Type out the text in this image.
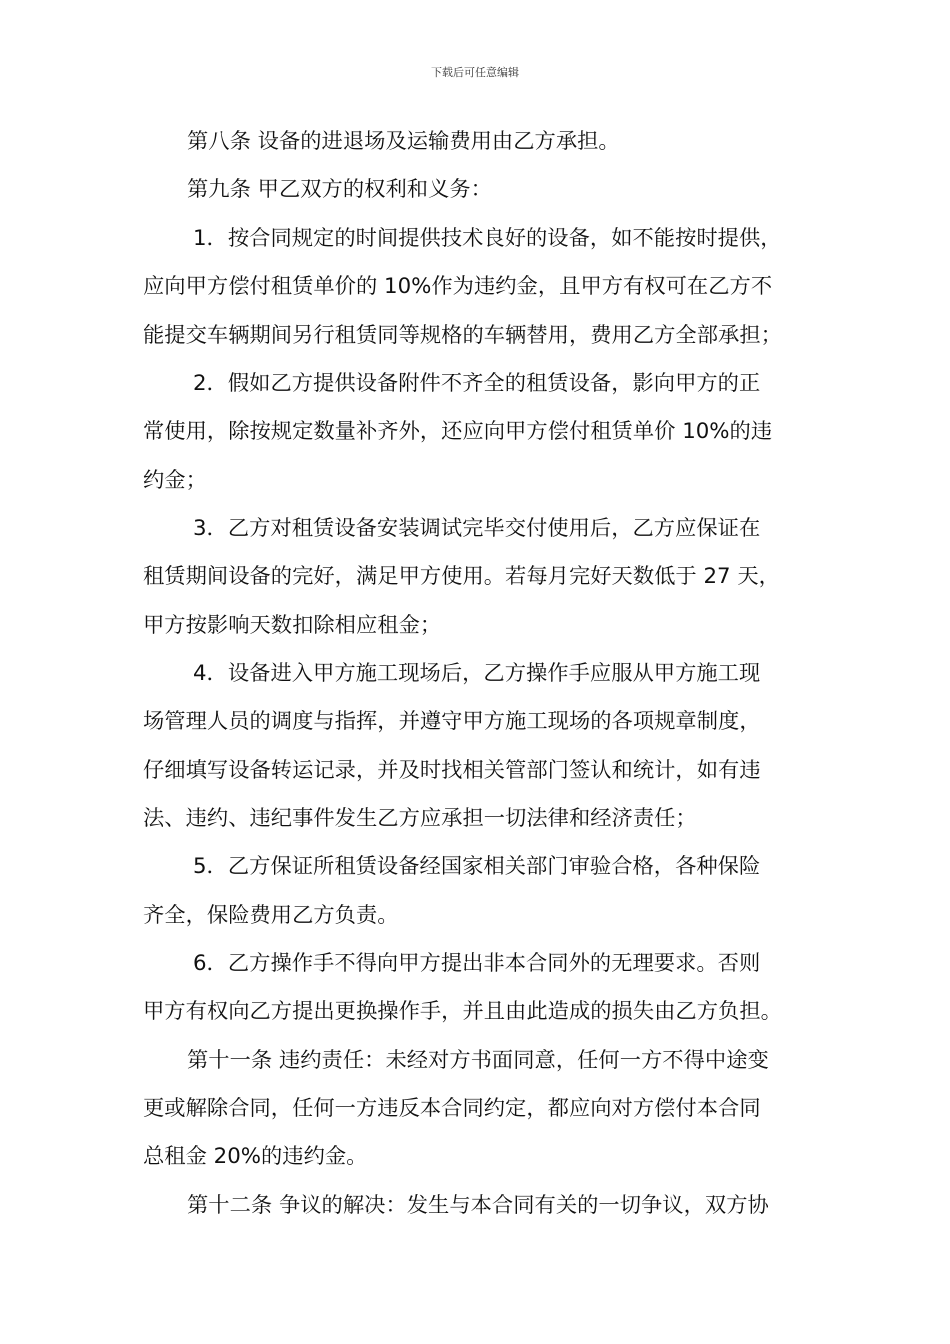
下载后可任意编辑
第八条 设备的进退场及运输费用由乙方承担。
第九条 甲乙双方的权利和义务：
1．按合同规定的时间提供技术良好的设备，如不能按时提供，
应向甲方偿付租赁单价的 10%作为违约金，且甲方有权可在乙方不
能提交车辆期间另行租赁同等规格的车辆替用，费用乙方全部承担；
2．假如乙方提供设备附件不齐全的租赁设备，影向甲方的正
常使用，除按规定数量补齐外，还应向甲方偿付租赁单价 10%的违
约金；
3．乙方对租赁设备安装调试完毕交付使用后，乙方应保证在
租赁期间设备的完好，满足甲方使用。若每月完好天数低于 27 天，
甲方按影响天数扣除相应租金；
4．设备进入甲方施工现场后，乙方操作手应服从甲方施工现
场管理人员的调度与指挥，并遵守甲方施工现场的各项规章制度，
仔细填写设备转运记录，并及时找相关管部门签认和统计，如有违
法、违约、违纪事件发生乙方应承担一切法律和经济责任；
5．乙方保证所租赁设备经国家相关部门审验合格，各种保险
齐全，保险费用乙方负责。
6．乙方操作手不得向甲方提出非本合同外的无理要求。否则
甲方有权向乙方提出更换操作手，并且由此造成的损失由乙方负担。
第十一条 违约责任：未经对方书面同意，任何一方不得中途变
更或解除合同，任何一方违反本合同约定，都应向对方偿付本合同
总租金 20%的违约金。
第十二条 争议的解决：发生与本合同有关的一切争议，双方协
